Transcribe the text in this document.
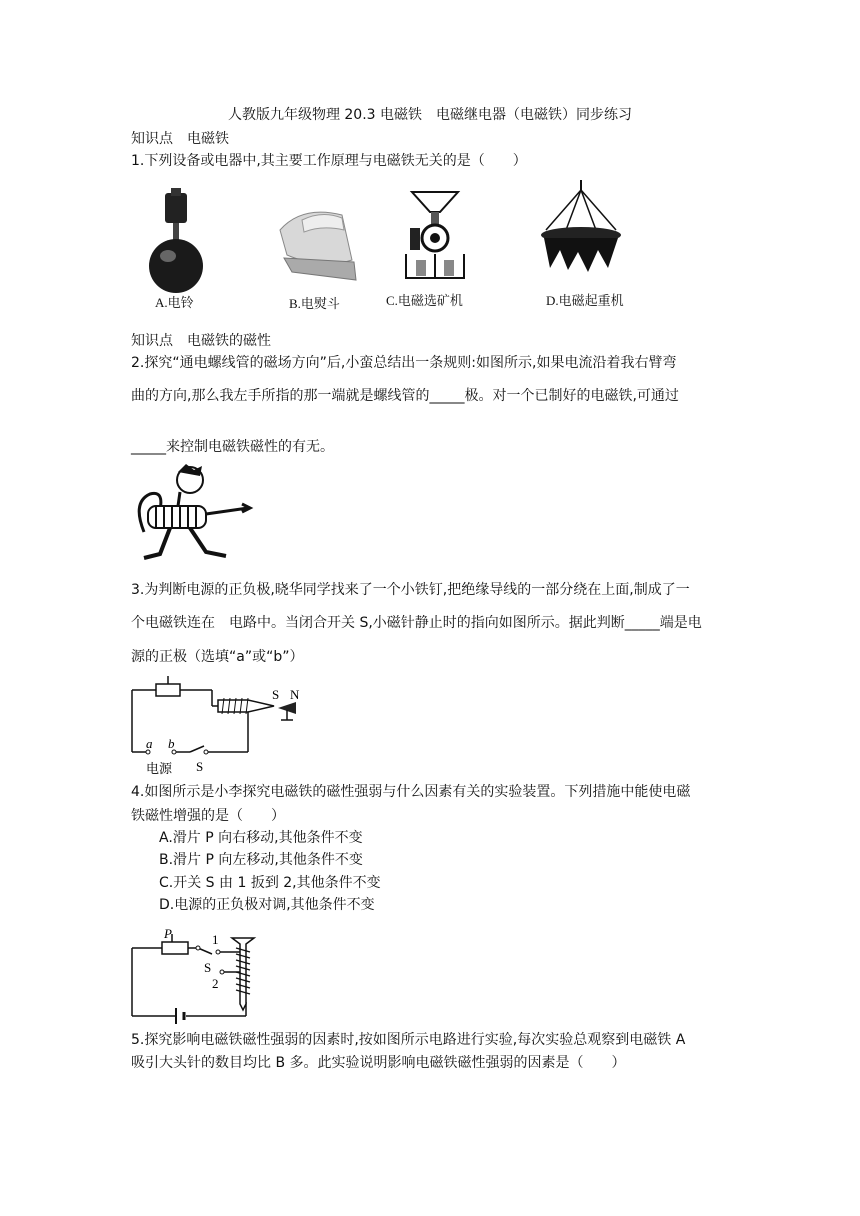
人教版九年级物理 20.3 电磁铁　电磁继电器（电磁铁）同步练习
知识点　电磁铁
1.下列设备或电器中,其主要工作原理与电磁铁无关的是（　　）
A.电铃	B.电熨斗	C.电磁选矿机	D.电磁起重机
知识点　电磁铁的磁性
2.探究“通电螺线管的磁场方向”后,小蛮总结出一条规则:如图所示,如果电流沿着我右臂弯
曲的方向,那么我左手所指的那一端就是螺线管的_____极。对一个已制好的电磁铁,可通过
_____来控制电磁铁磁性的有无。
3.为判断电源的正负极,晓华同学找来了一个小铁钉,把绝缘导线的一部分绕在上面,制成了一
个电磁铁连在　电路中。当闭合开关 S,小磁针静止时的指向如图所示。据此判断_____端是电
源的正极（选填“a”或“b”）
S N
a b
电源 S
4.如图所示是小李探究电磁铁的磁性强弱与什么因素有关的实验装置。下列措施中能使电磁
铁磁性增强的是（　　）
A.滑片 P 向右移动,其他条件不变
B.滑片 P 向左移动,其他条件不变
C.开关 S 由 1 扳到 2,其他条件不变
D.电源的正负极对调,其他条件不变
P	1
S
2
5.探究影响电磁铁磁性强弱的因素时,按如图所示电路进行实验,每次实验总观察到电磁铁 A
吸引大头针的数目均比 B 多。此实验说明影响电磁铁磁性强弱的因素是（　　）
